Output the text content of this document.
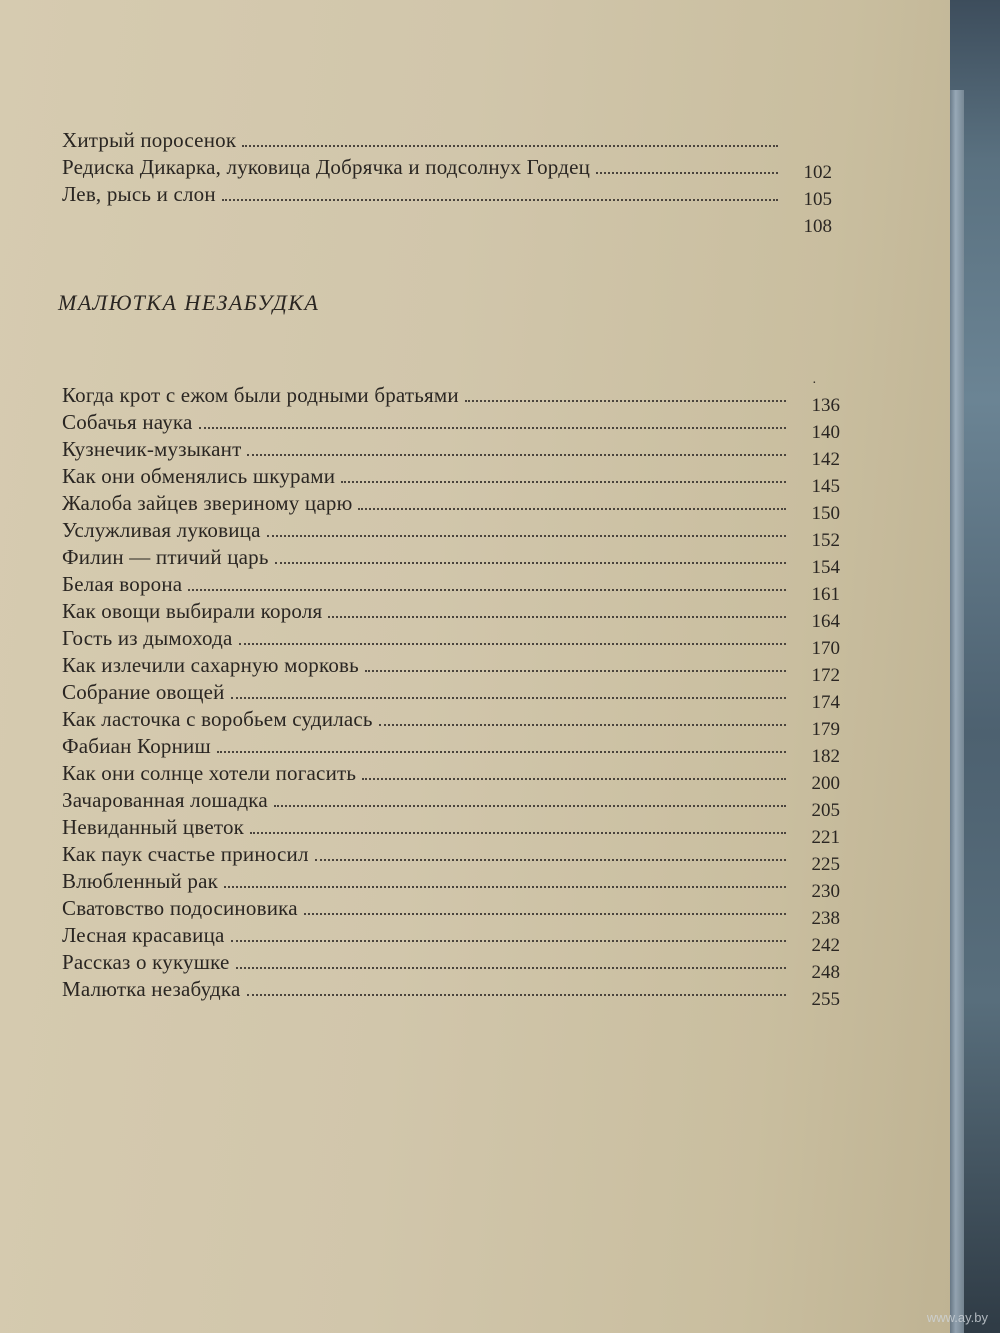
Хитрый поросенок
Редиска Дикарка, луковица Добрячка и подсолнух Гордец
Лев, рысь и слон
102
105
108
МАЛЮТКА НЕЗАБУДКА
·
Когда крот с ежом были родными братьями
Собачья наука
Кузнечик-музыкант
Как они обменялись шкурами
Жалоба зайцев звериному царю
Услужливая луковица
Филин — птичий царь
Белая ворона
Как овощи выбирали короля
Гость из дымохода
Как излечили сахарную морковь
Собрание овощей
Как ласточка с воробьем судилась
Фабиан Корниш
Как они солнце хотели погасить
Зачарованная лошадка
Невиданный цветок
Как паук счастье приносил
Влюбленный рак
Сватовство подосиновика
Лесная красавица
Рассказ о кукушке
Малютка незабудка
136
140
142
145
150
152
154
161
164
170
172
174
179
182
200
205
221
225
230
238
242
248
255
www.ay.by
